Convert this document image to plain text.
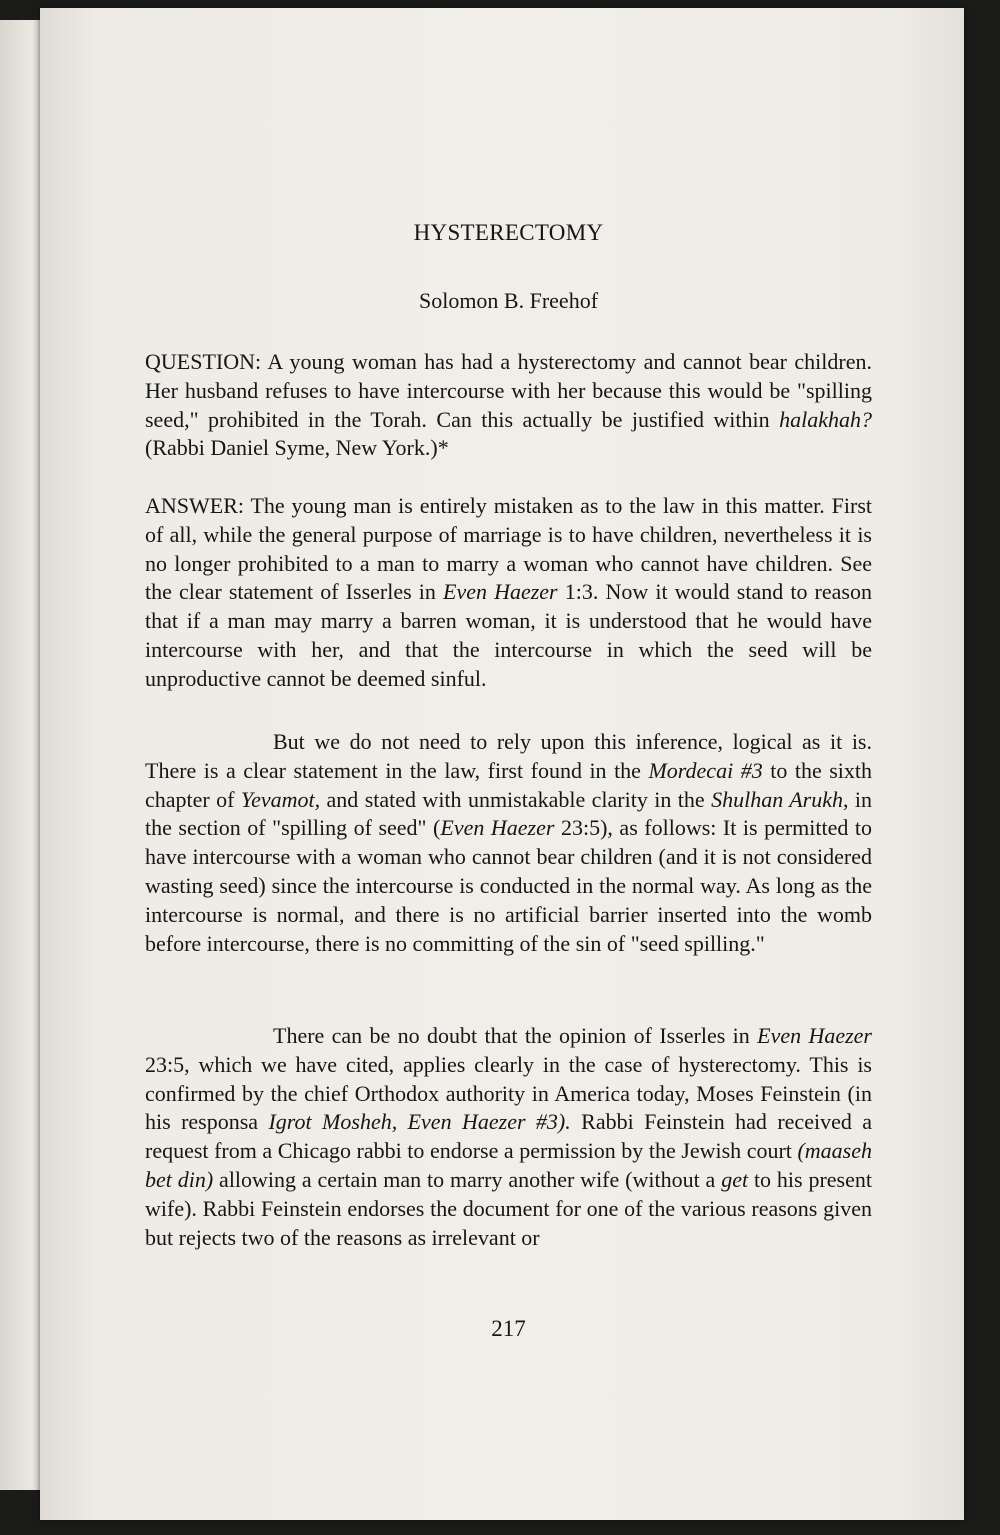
HYSTERECTOMY
Solomon B. Freehof

QUESTION: A young woman has had a hysterectomy and cannot bear children. Her husband refuses to have intercourse with her because this would be "spilling seed," prohibited in the Torah. Can this actually be justified within halakhah? (Rabbi Daniel Syme, New York.)*

ANSWER: The young man is entirely mistaken as to the law in this matter. First of all, while the general purpose of marriage is to have children, nevertheless it is no longer prohibited to a man to marry a woman who cannot have children. See the clear statement of Isserles in Even Haezer 1:3. Now it would stand to reason that if a man may marry a barren woman, it is understood that he would have intercourse with her, and that the intercourse in which the seed will be unproductive cannot be deemed sinful.

But we do not need to rely upon this inference, logical as it is. There is a clear statement in the law, first found in the Mordecai #3 to the sixth chapter of Yevamot, and stated with unmistakable clarity in the Shulhan Arukh, in the section of "spilling of seed" (Even Haezer 23:5), as follows: It is permitted to have intercourse with a woman who cannot bear children (and it is not considered wasting seed) since the intercourse is conducted in the normal way. As long as the intercourse is normal, and there is no artificial barrier inserted into the womb before intercourse, there is no committing of the sin of "seed spilling."

There can be no doubt that the opinion of Isserles in Even Haezer 23:5, which we have cited, applies clearly in the case of hysterectomy. This is confirmed by the chief Orthodox authority in America today, Moses Feinstein (in his responsa Igrot Mosheh, Even Haezer #3). Rabbi Feinstein had received a request from a Chicago rabbi to endorse a permission by the Jewish court (maaseh bet din) allowing a certain man to marry another wife (without a get to his present wife). Rabbi Feinstein endorses the document for one of the various reasons given but rejects two of the reasons as irrelevant or

217
